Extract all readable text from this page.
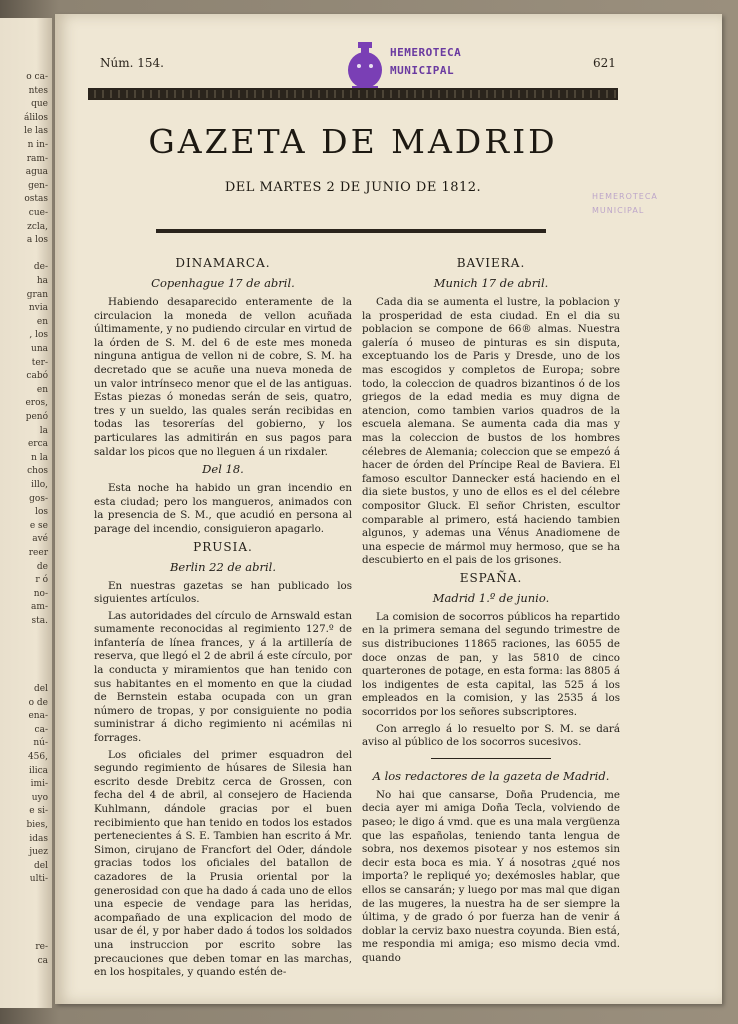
o ca-
ntes
que
álilos
le las
n in-
ram-
agua
gen-
ostas
cue-
zcla,
a los
de-
ha
gran
nvia
en
, los
una
ter-
cabó
en
eros,
penó
la
erca
n la
chos
illo,
gos-
los
e se
avé
reer
de
r ó
no-
am-
sta.
del
o de
ena-
ca-
nú-
456,
ilica
imi-
uyo
e si-
bies,
idas
juez
del
ulti-
re-
ca
Núm. 154.	621
HEMEROTECA
MUNICIPAL
GAZETA DE MADRID
DEL MARTES 2 DE JUNIO DE 1812.
HEMEROTECA MUNICIPAL
DINAMARCA.
Copenhague 17 de abril.

Habiendo desaparecido enteramente de la circulacion la moneda de vellon acuñada últimamente, y no pudiendo circular en virtud de la órden de S. M. del 6 de este mes moneda ninguna antigua de vellon ni de cobre, S. M. ha decretado que se acuñe una nueva moneda de un valor intrínseco menor que el de las antiguas. Estas piezas ó monedas serán de seis, quatro, tres y un sueldo, las quales serán recibidas en todas las tesorerías del gobierno, y los particulares las admitirán en sus pagos para saldar los picos que no lleguen á un rixdaler.

Del 18.

Esta noche ha habido un gran incendio en esta ciudad; pero los mangueros, animados con la presencia de S. M., que acudió en persona al parage del incendio, consiguieron apagarlo.

PRUSIA.
Berlin 22 de abril.

En nuestras gazetas se han publicado los siguientes artículos.

Las autoridades del círculo de Arnswald estan sumamente reconocidas al regimiento 127.º de infantería de línea frances, y á la artillería de reserva, que llegó el 2 de abril á este círculo, por la conducta y miramientos que han tenido con sus habitantes en el momento en que la ciudad de Bernstein estaba ocupada con un gran número de tropas, y por consiguiente no podia suministrar á dicho regimiento ni acémilas ni forrages.

Los oficiales del primer esquadron del segundo regimiento de húsares de Silesia han escrito desde Drebitz cerca de Grossen, con fecha del 4 de abril, al consejero de Hacienda Kuhlmann, dándole gracias por el buen recibimiento que han tenido en todos los estados pertenecientes á S. E. Tambien han escrito á Mr. Simon, cirujano de Francfort del Oder, dándole gracias todos los oficiales del batallon de cazadores de la Prusia oriental por la generosidad con que ha dado á cada uno de ellos una especie de vendage para las heridas, acompañado de una explicacion del modo de usar de él, y por haber dado á todos los soldados una instruccion por escrito sobre las precauciones que deben tomar en las marchas, en los hospitales, y quando estén de-

BAVIERA.
Munich 17 de abril.

Cada dia se aumenta el lustre, la poblacion y la prosperidad de esta ciudad. En el dia su poblacion se compone de 66® almas. Nuestra galería ó museo de pinturas es sin disputa, exceptuando los de Paris y Dresde, uno de los mas escogidos y completos de Europa; sobre todo, la coleccion de quadros bizantinos ó de los griegos de la edad media es muy digna de atencion, como tambien varios quadros de la escuela alemana. Se aumenta cada dia mas y mas la coleccion de bustos de los hombres célebres de Alemania; coleccion que se empezó á hacer de órden del Príncipe Real de Baviera. El famoso escultor Dannecker está haciendo en el dia siete bustos, y uno de ellos es el del célebre compositor Gluck. El señor Christen, escultor comparable al primero, está haciendo tambien algunos, y ademas una Vénus Anadiomene de una especie de mármol muy hermoso, que se ha descubierto en el pais de los grisones.

ESPAÑA.
Madrid 1.º de junio.

La comision de socorros públicos ha repartido en la primera semana del segundo trimestre de sus distribuciones 11865 raciones, las 6055 de doce onzas de pan, y las 5810 de cinco quarterones de potage, en esta forma: las 8805 á los indigentes de esta capital, las 525 á los empleados en la comision, y las 2535 á los socorridos por los señores subscriptores.

Con arreglo á lo resuelto por S. M. se dará aviso al público de los socorros sucesivos.

A los redactores de la gazeta de Madrid.

No hai que cansarse, Doña Prudencia, me decia ayer mi amiga Doña Tecla, volviendo de paseo; le digo á vmd. que es una mala vergüenza que las españolas, teniendo tanta lengua de sobra, nos dexemos pisotear y nos estemos sin decir esta boca es mia. Y á nosotras ¿qué nos importa? le repliqué yo; dexémosles hablar, que ellos se cansarán; y luego por mas mal que digan de las mugeres, la nuestra ha de ser siempre la última, y de grado ó por fuerza han de venir á doblar la cerviz baxo nuestra coyunda. Bien está, me respondia mi amiga; eso mismo decia vmd. quando
